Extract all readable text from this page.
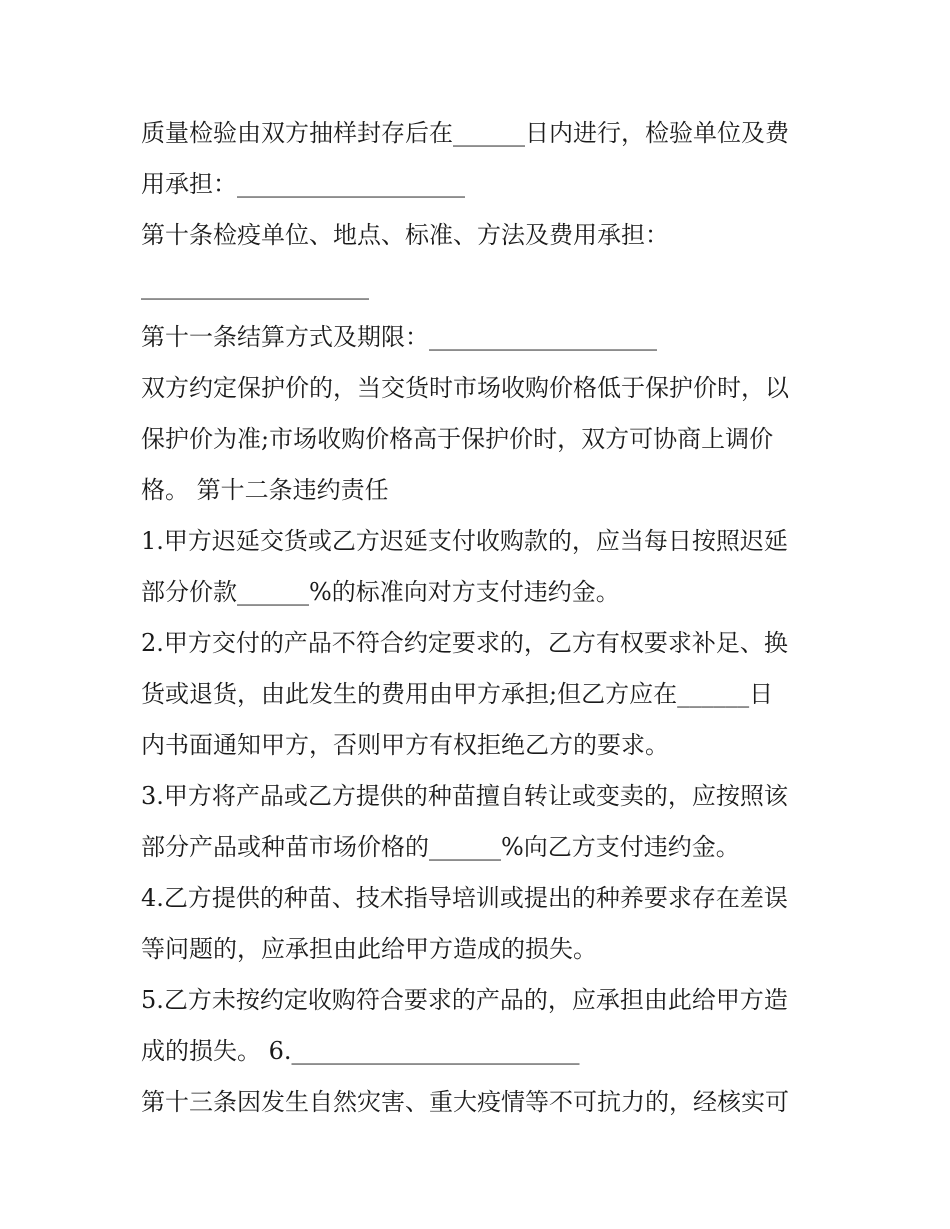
质量检验由双方抽样封存后在______日内进行，检验单位及费
用承担：___________________
第十条检疫单位、地点、标准、方法及费用承担：
___________________
第十一条结算方式及期限：___________________
双方约定保护价的，当交货时市场收购价格低于保护价时，以
保护价为准;市场收购价格高于保护价时，双方可协商上调价
格。 第十二条违约责任
1.甲方迟延交货或乙方迟延支付收购款的，应当每日按照迟延
部分价款______%的标准向对方支付违约金。
2.甲方交付的产品不符合约定要求的，乙方有权要求补足、换
货或退货，由此发生的费用由甲方承担;但乙方应在______日
内书面通知甲方，否则甲方有权拒绝乙方的要求。
3.甲方将产品或乙方提供的种苗擅自转让或变卖的，应按照该
部分产品或种苗市场价格的______%向乙方支付违约金。
4.乙方提供的种苗、技术指导培训或提出的种养要求存在差误
等问题的，应承担由此给甲方造成的损失。
5.乙方未按约定收购符合要求的产品的，应承担由此给甲方造
成的损失。 6.________________________
第十三条因发生自然灾害、重大疫情等不可抗力的，经核实可
